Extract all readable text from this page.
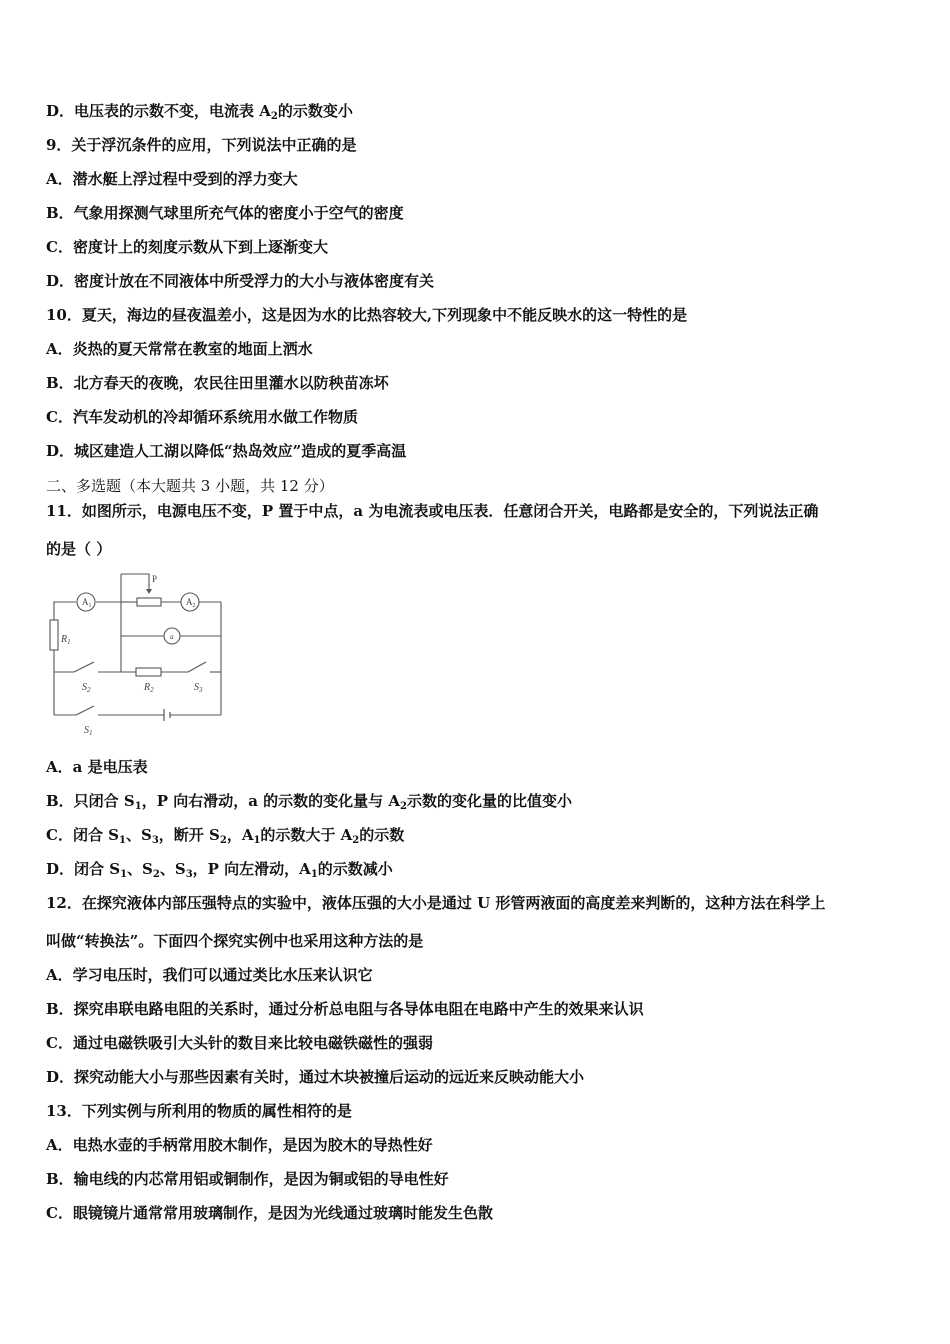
D．电压表的示数不变，电流表 $A_2$的示数变小
9．关于浮沉条件的应用，下列说法中正确的是
A．潜水艇上浮过程中受到的浮力变大
B．气象用探测气球里所充气体的密度小于空气的密度
C．密度计上的刻度示数从下到上逐渐变大
D．密度计放在不同液体中所受浮力的大小与液体密度有关
10．夏天，海边的昼夜温差小，这是因为水的比热容较大,下列现象中不能反映水的这一特性的是
A．炎热的夏天常常在教室的地面上洒水
B．北方春天的夜晚，农民往田里灌水以防秧苗冻坏
C．汽车发动机的冷却循环系统用水做工作物质
D．城区建造人工湖以降低“热岛效应”造成的夏季高温
二、多选题（本大题共 3 小题，共 12 分）
11．如图所示，电源电压不变，P 置于中点，a 为电流表或电压表．任意闭合开关，电路都是安全的，下列说法正确
的是（ ）
P
$A_1$	$A_2$
a
$R_1$
$R_2$
$S_2$	$S_3$
$S_1$
A．a 是电压表
B．只闭合 $S_1$，P 向右滑动，a 的示数的变化量与 $A_2$示数的变化量的比值变小
C．闭合 $S_1$、$S_3$，断开 $S_2$，$A_1$的示数大于 $A_2$的示数
D．闭合 $S_1$、$S_2$、$S_3$，P 向左滑动，$A_1$的示数减小
12．在探究液体内部压强特点的实验中，液体压强的大小是通过 U 形管两液面的高度差来判断的，这种方法在科学上
叫做“转换法”。下面四个探究实例中也采用这种方法的是
A．学习电压时，我们可以通过类比水压来认识它
B．探究串联电路电阻的关系时，通过分析总电阻与各导体电阻在电路中产生的效果来认识
C．通过电磁铁吸引大头针的数目来比较电磁铁磁性的强弱
D．探究动能大小与那些因素有关时，通过木块被撞后运动的远近来反映动能大小
13．下列实例与所利用的物质的属性相符的是
A．电热水壶的手柄常用胶木制作，是因为胶木的导热性好
B．输电线的内芯常用铝或铜制作，是因为铜或铝的导电性好
C．眼镜镜片通常常用玻璃制作，是因为光线通过玻璃时能发生色散
